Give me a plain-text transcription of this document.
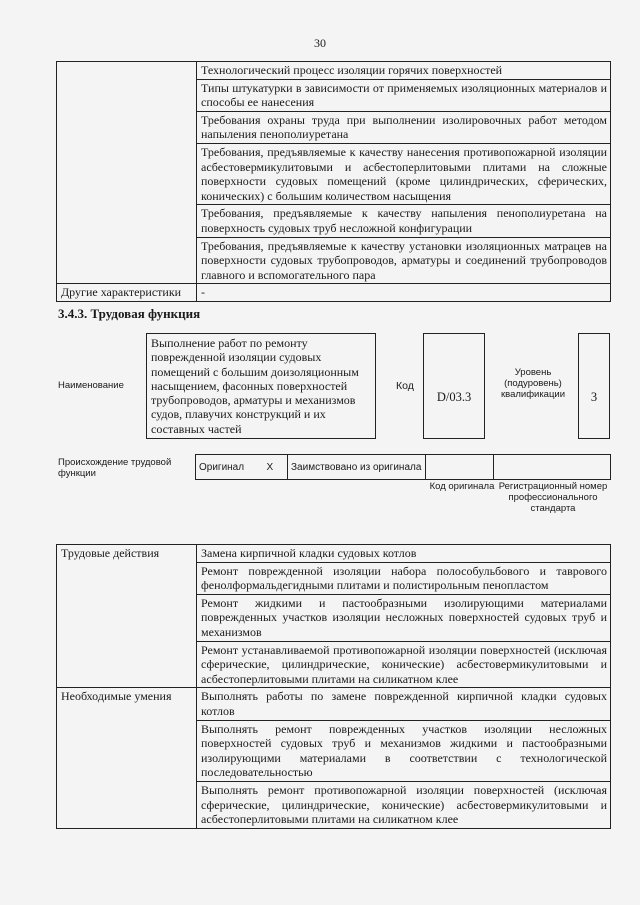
30
	Технологический процесс изоляции горячих поверхностей
	Типы штукатурки в зависимости от применяемых изоляционных материалов и способы ее нанесения
	Требования охраны труда при выполнении изолировочных работ методом напыления пенополиуретана
	Требования, предъявляемые к качеству нанесения противопожарной изоляции асбестовермикулитовыми и асбестоперлитовыми плитами на сложные поверхности судовых помещений (кроме цилиндрических, сферических, конических) с большим количеством насыщения
	Требования, предъявляемые к качеству напыления пенополиуретана на поверхность судовых труб несложной конфигурации
	Требования, предъявляемые к качеству установки изоляционных матрацев на поверхности судовых трубопроводов, арматуры и соединений трубопроводов главного и вспомогательного пара
Другие характеристики	-
3.4.3. Трудовая функция
Наименование
Выполнение работ по ремонту поврежденной изоляции судовых помещений с большим доизоляционным насыщением, фасонных поверхностей трубопроводов, арматуры и механизмов судов, плавучих конструкций и их составных частей
Код
D/03.3
Уровень (подуровень) квалификации	3
Происхождение трудовой функции
Оригинал	X	Заимствовано из оригинала		
Код оригинала Регистрационный номер профессионального стандарта
Трудовые действия	Замена кирпичной кладки судовых котлов
	Ремонт поврежденной изоляции набора полособульбового и таврового фенолформальдегидными плитами и полистирольным пенопластом
	Ремонт жидкими и пастообразными изолирующими материалами поврежденных участков изоляции несложных поверхностей судовых труб и механизмов
	Ремонт устанавливаемой противопожарной изоляции поверхностей (исключая сферические, цилиндрические, конические) асбестовермикулитовыми и асбестоперлитовыми плитами на силикатном клее
Необходимые умения	Выполнять работы по замене поврежденной кирпичной кладки судовых котлов
	Выполнять ремонт поврежденных участков изоляции несложных поверхностей судовых труб и механизмов жидкими и пастообразными изолирующими материалами в соответствии с технологической последовательностью
	Выполнять ремонт противопожарной изоляции поверхностей (исключая сферические, цилиндрические, конические) асбестовермикулитовыми и асбестоперлитовыми плитами на силикатном клее
